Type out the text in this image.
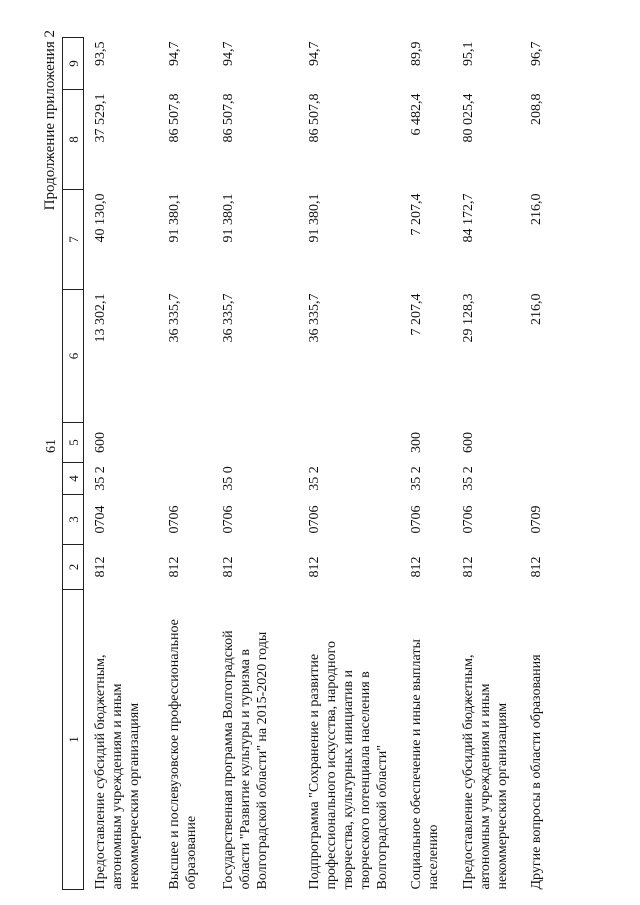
61
Продолжение приложения 2
1	2	3	4	5	6	7	8	9
Предоставление субсидий бюджетным, автономным учреждениям и иным некоммерческим организациям	812	0704	35 2	600	13 302,1	40 130,0	37 529,1	93,5
Высшее и послевузовское профессиональное образование	812	0706			36 335,7	91 380,1	86 507,8	94,7
Государственная программа Волгоградской области "Развитие культуры и туризма в Волгоградской области" на 2015-2020 годы	812	0706	35 0		36 335,7	91 380,1	86 507,8	94,7
Подпрограмма "Сохранение и развитие профессионального искусства, народного творчества, культурных инициатив и творческого потенциала населения в Волгоградской области"	812	0706	35 2		36 335,7	91 380,1	86 507,8	94,7
Социальное обеспечение и иные выплаты населению	812	0706	35 2	300	7 207,4	7 207,4	6 482,4	89,9
Предоставление субсидий бюджетным, автономным учреждениям и иным некоммерческим организациям	812	0706	35 2	600	29 128,3	84 172,7	80 025,4	95,1
Другие вопросы в области образования	812	0709			216,0	216,0	208,8	96,7
